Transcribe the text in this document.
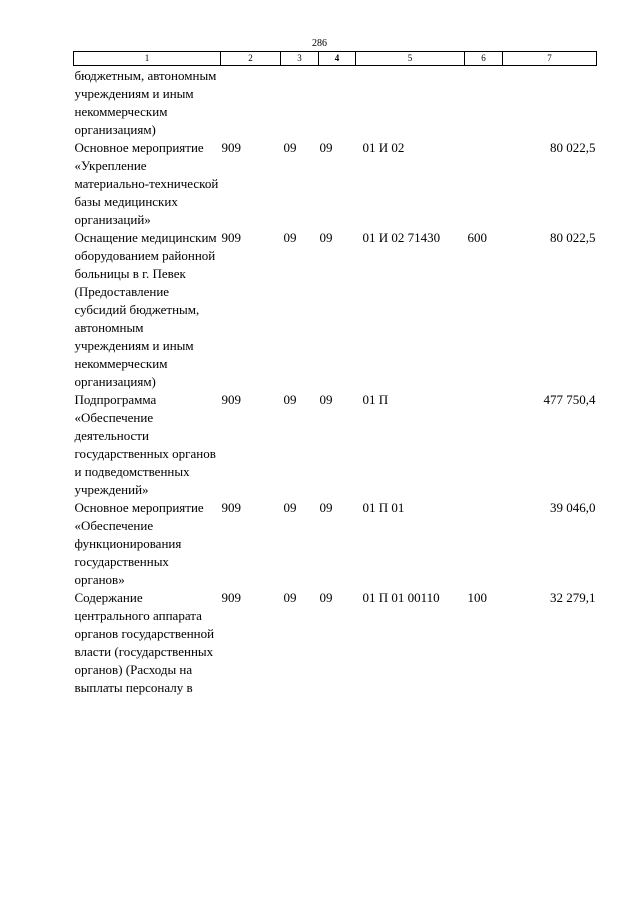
286
1	2	3	4	5	6	7
бюджетным, автономным учреждениям и иным некоммерческим организациям)						
Основное мероприятие «Укрепление материально-технической базы медицинских организаций»	909	09	09	01 И 02		80 022,5
Оснащение медицинским оборудованием районной больницы в г. Певек (Предоставление субсидий бюджетным, автономным учреждениям и иным некоммерческим организациям)	909	09	09	01 И 02 71430	600	80 022,5
Подпрограмма «Обеспечение деятельности государственных органов и подведомственных учреждений»	909	09	09	01 П		477 750,4
Основное мероприятие «Обеспечение функционирования государственных органов»	909	09	09	01 П 01		39 046,0
Содержание центрального аппарата органов государственной власти (государственных органов) (Расходы на выплаты персоналу в	909	09	09	01 П 01 00110	100	32 279,1
